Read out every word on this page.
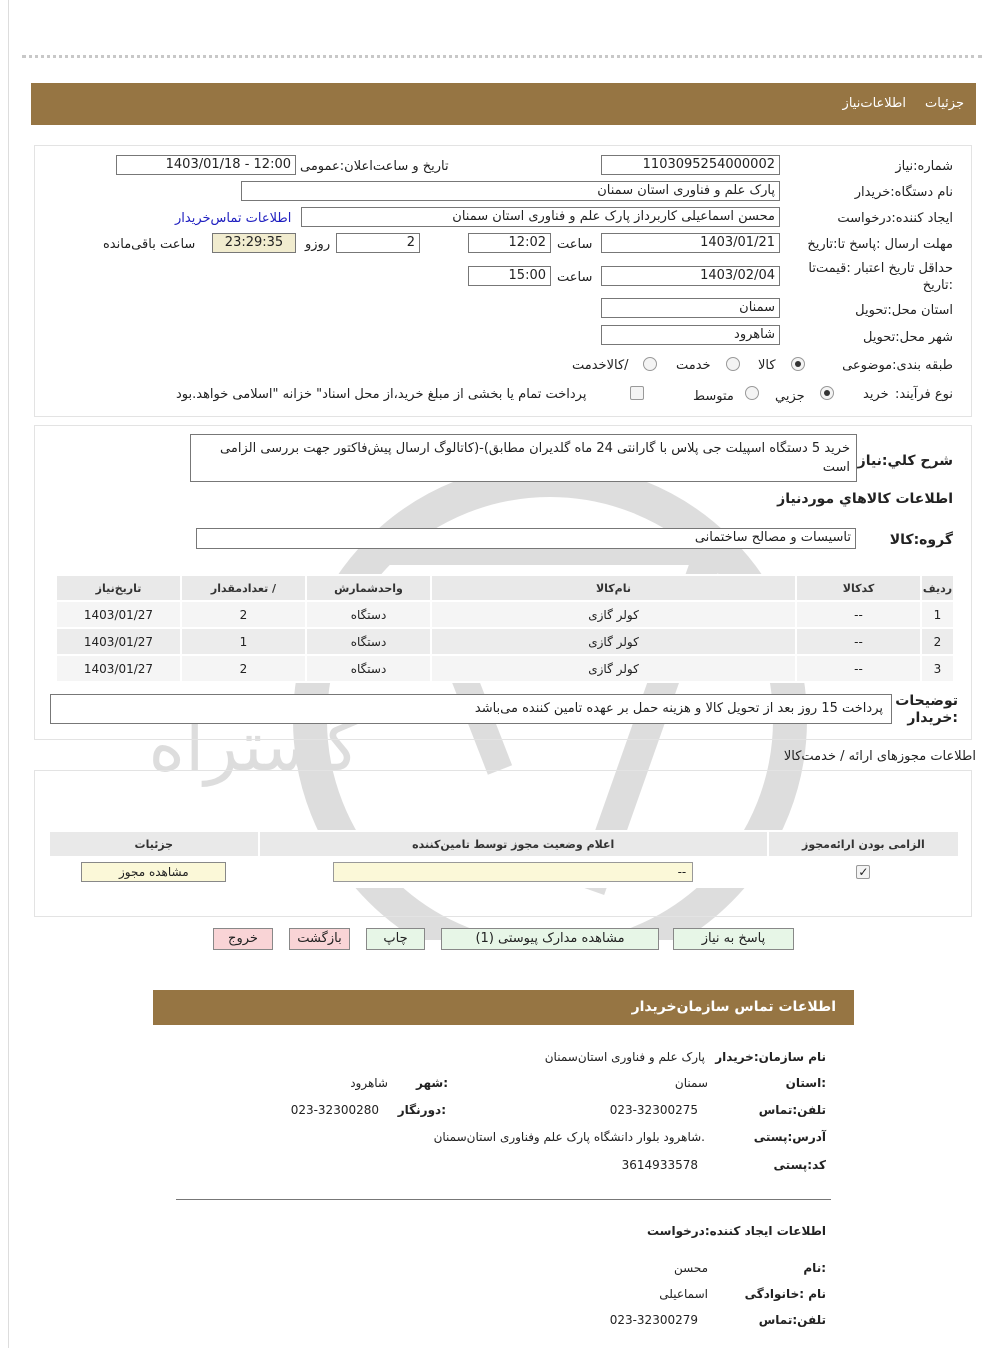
گستراه
جزئيات
اطلاعات‌نیاز
شماره:نیاز
1103095254000002
تاریخ و ساعت‌اعلان:عمومی
1403/01/18 - 12:00
نام دستگاه:خریدار
پارک علم و فناوری استان سمنان
ایجاد کننده:درخواست
محسن اسماعیلی کاربرداز پارک علم و فناوری استان سمنان
اطلاعات تماس‌خریدار
مهلت ارسال :پاسخ تا:تاریخ
1403/01/21
ساعت
12:02
2
روزو
23:29:35
ساعت باقی‌مانده
حداقل تاریخ اعتبار :قیمت‌تا :تاریخ
1403/02/04
ساعت
15:00
استان محل:تحویل
سمنان
شهر محل:تحویل
شاهرود
طبقه بندی:موضوعی
کالا
خدمت
/کالاخدمت
نوع فرآیند:
خرید
جزيي
متوسط
پرداخت تمام یا بخشی از مبلغ خرید،از محل اسناد" خزانه "اسلامی خواهد.بود
شرح کلي:نیاز
خرید 5 دستگاه اسپیلت جی پلاس با گارانتی 24 ماه گلدیران مطابق)-(کاتالوگ ارسال پیش‌فاکتور جهت بررسی الزامی است
اطلاعات کالاهاي موردنیاز
گروه:کالا
تاسیسات و مصالح ساختمانی
ردیف	کدکالا	نام‌کالا	واحدشمارش	/ تعدادمقدار	تاریخ‌نیاز
1	--	کولر گازی	دستگاه	2	1403/01/27
2	--	کولر گازی	دستگاه	1	1403/01/27
3	--	کولر گازی	دستگاه	2	1403/01/27
توضیحات :خریدار
پرداخت 15 روز بعد از تحویل کالا و هزینه حمل بر عهده تامین کننده می‌باشد
اطلاعات مجوزهای ارائه / خدمت‌کالا
الزامی بودن ارائه‌مجوز	اعلام وضعیت مجوز توسط تامین‌کننده	جزئیات
✓	--	مشاهده مجوز
پاسخ به نیاز
مشاهده مدارک پیوستی (1)
چاپ
بازگشت
خروج
اطلاعات تماس سازمان‌خریدار
نام سازمان:خریدار
پارک علم و فناوری استان‌سمنان
:استان
سمنان
:شهر
شاهرود
تلفن:تماس
023-32300275
:دورنگار
023-32300280
آدرس:پستی
.شاهرود بلوار دانشگاه پارک علم وفناوری استان‌سمنان
کد:پستی
3614933578
اطلاعات ایجاد کننده:درخواست
:نام
محسن
نام :خانوادگی
اسماعیلی
تلفن:تماس
023-32300279
